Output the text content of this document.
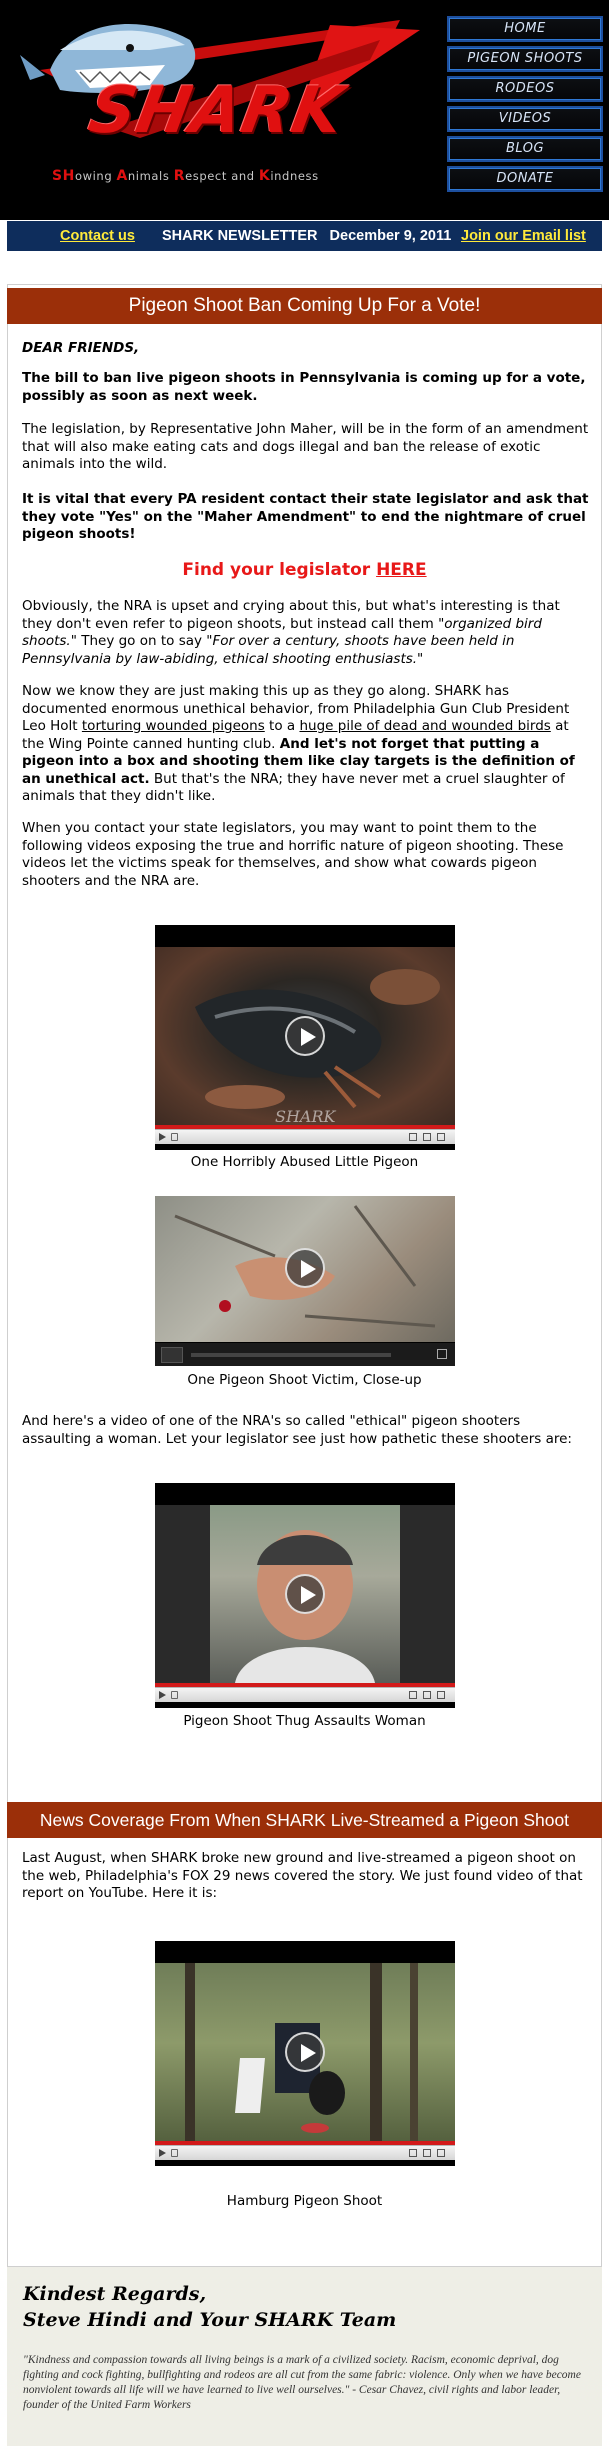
SHARK
SHowing Animals Respect and Kindness
HOME
PIGEON SHOOTS
RODEOS
VIDEOS
BLOG
DONATE
Contact us SHARK NEWSLETTER   December 9, 2011 Join our Email list
Pigeon Shoot Ban Coming Up For a Vote!
DEAR FRIENDS,
The bill to ban live pigeon shoots in Pennsylvania is coming up for a vote, possibly as soon as next week.
The legislation, by Representative John Maher, will be in the form of an amendment that will also make eating cats and dogs illegal and ban the release of exotic animals into the wild.
It is vital that every PA resident contact their state legislator and ask that they vote "Yes" on the "Maher Amendment" to end the nightmare of cruel pigeon shoots!
Find your legislator HERE
Obviously, the NRA is upset and crying about this, but what's interesting is that they don't even refer to pigeon shoots, but instead call them "organized bird shoots." They go on to say "For over a century, shoots have been held in Pennsylvania by law-abiding, ethical shooting enthusiasts."
Now we know they are just making this up as they go along. SHARK has documented enormous unethical behavior, from Philadelphia Gun Club President Leo Holt torturing wounded pigeons to a huge pile of dead and wounded birds at the Wing Pointe canned hunting club. And let's not forget that putting a pigeon into a box and shooting them like clay targets is the definition of an unethical act. But that's the NRA; they have never met a cruel slaughter of animals that they didn't like.
When you contact your state legislators, you may want to point them to the following videos exposing the true and horrific nature of pigeon shooting. These videos let the victims speak for themselves, and show what cowards pigeon shooters and the NRA are.
SHARK
One Horribly Abused Little Pigeon
One Pigeon Shoot Victim, Close-up
And here's a video of one of the NRA's so called "ethical" pigeon shooters assaulting a woman. Let your legislator see just how pathetic these shooters are:
Pigeon Shoot Thug Assaults Woman
News Coverage From When SHARK Live-Streamed a Pigeon Shoot
Last August, when SHARK broke new ground and live-streamed a pigeon shoot on the web, Philadelphia's FOX 29 news covered the story. We just found video of that report on YouTube. Here it is:
Hamburg Pigeon Shoot
Kindest Regards,
Steve Hindi and Your SHARK Team
"Kindness and compassion towards all living beings is a mark of a civilized society. Racism, economic deprival, dog fighting and cock fighting, bullfighting and rodeos are all cut from the same fabric: violence. Only when we have become nonviolent towards all life will we have learned to live well ourselves." - Cesar Chavez, civil rights and labor leader, founder of the United Farm Workers
